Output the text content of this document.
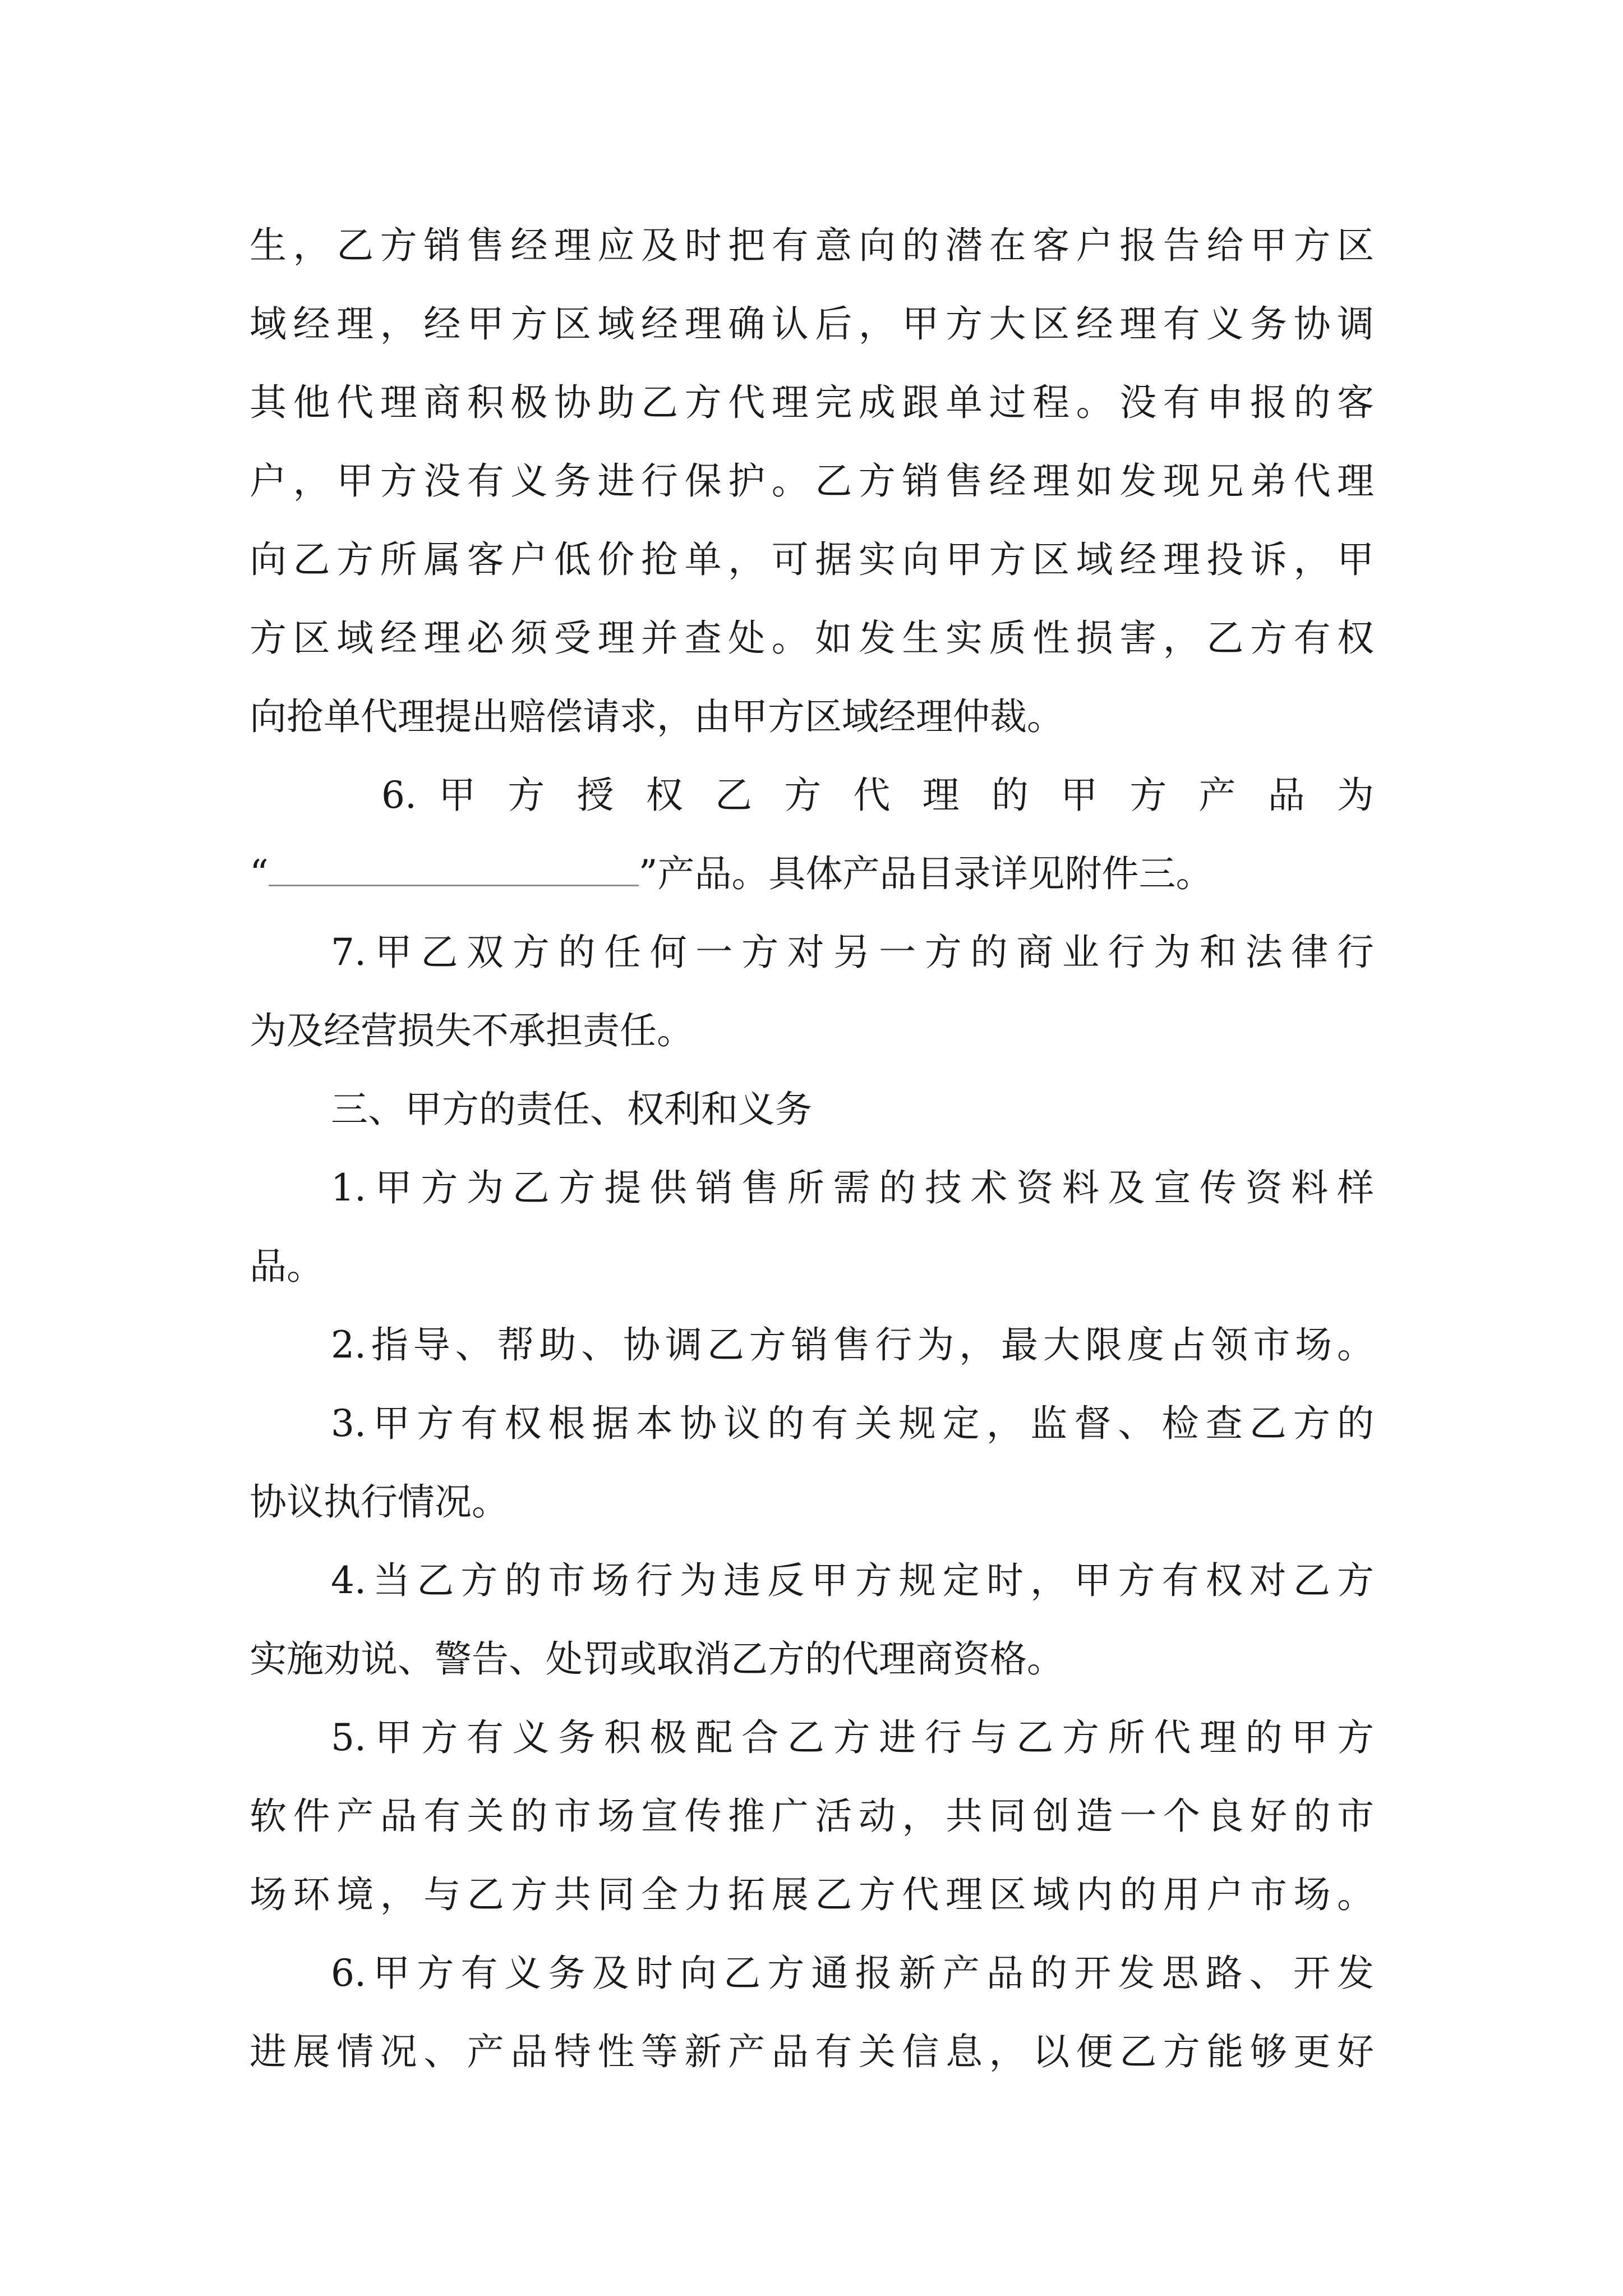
生，乙方销售经理应及时把有意向的潜在客户报告给甲方区
域经理，经甲方区域经理确认后，甲方大区经理有义务协调
其他代理商积极协助乙方代理完成跟单过程。没有申报的客
户，甲方没有义务进行保护。乙方销售经理如发现兄弟代理
向乙方所属客户低价抢单，可据实向甲方区域经理投诉，甲
方区域经理必须受理并查处。如发生实质性损害，乙方有权
向抢单代理提出赔偿请求，由甲方区域经理仲裁。
6. 甲 方 授 权 乙 方 代 理 的 甲 方 产 品 为
“	”产品。具体产品目录详见附件三。
7.甲乙双方的任何一方对另一方的商业行为和法律行
为及经营损失不承担责任。
三、甲方的责任、权利和义务
1.甲方为乙方提供销售所需的技术资料及宣传资料样
品。
2.指导、帮助、协调乙方销售行为，最大限度占领市场。
3.甲方有权根据本协议的有关规定，监督、检查乙方的
协议执行情况。
4.当乙方的市场行为违反甲方规定时，甲方有权对乙方
实施劝说、警告、处罚或取消乙方的代理商资格。
5.甲方有义务积极配合乙方进行与乙方所代理的甲方
软件产品有关的市场宣传推广活动，共同创造一个良好的市
场环境，与乙方共同全力拓展乙方代理区域内的用户市场。
6.甲方有义务及时向乙方通报新产品的开发思路、开发
进展情况、产品特性等新产品有关信息，以便乙方能够更好
